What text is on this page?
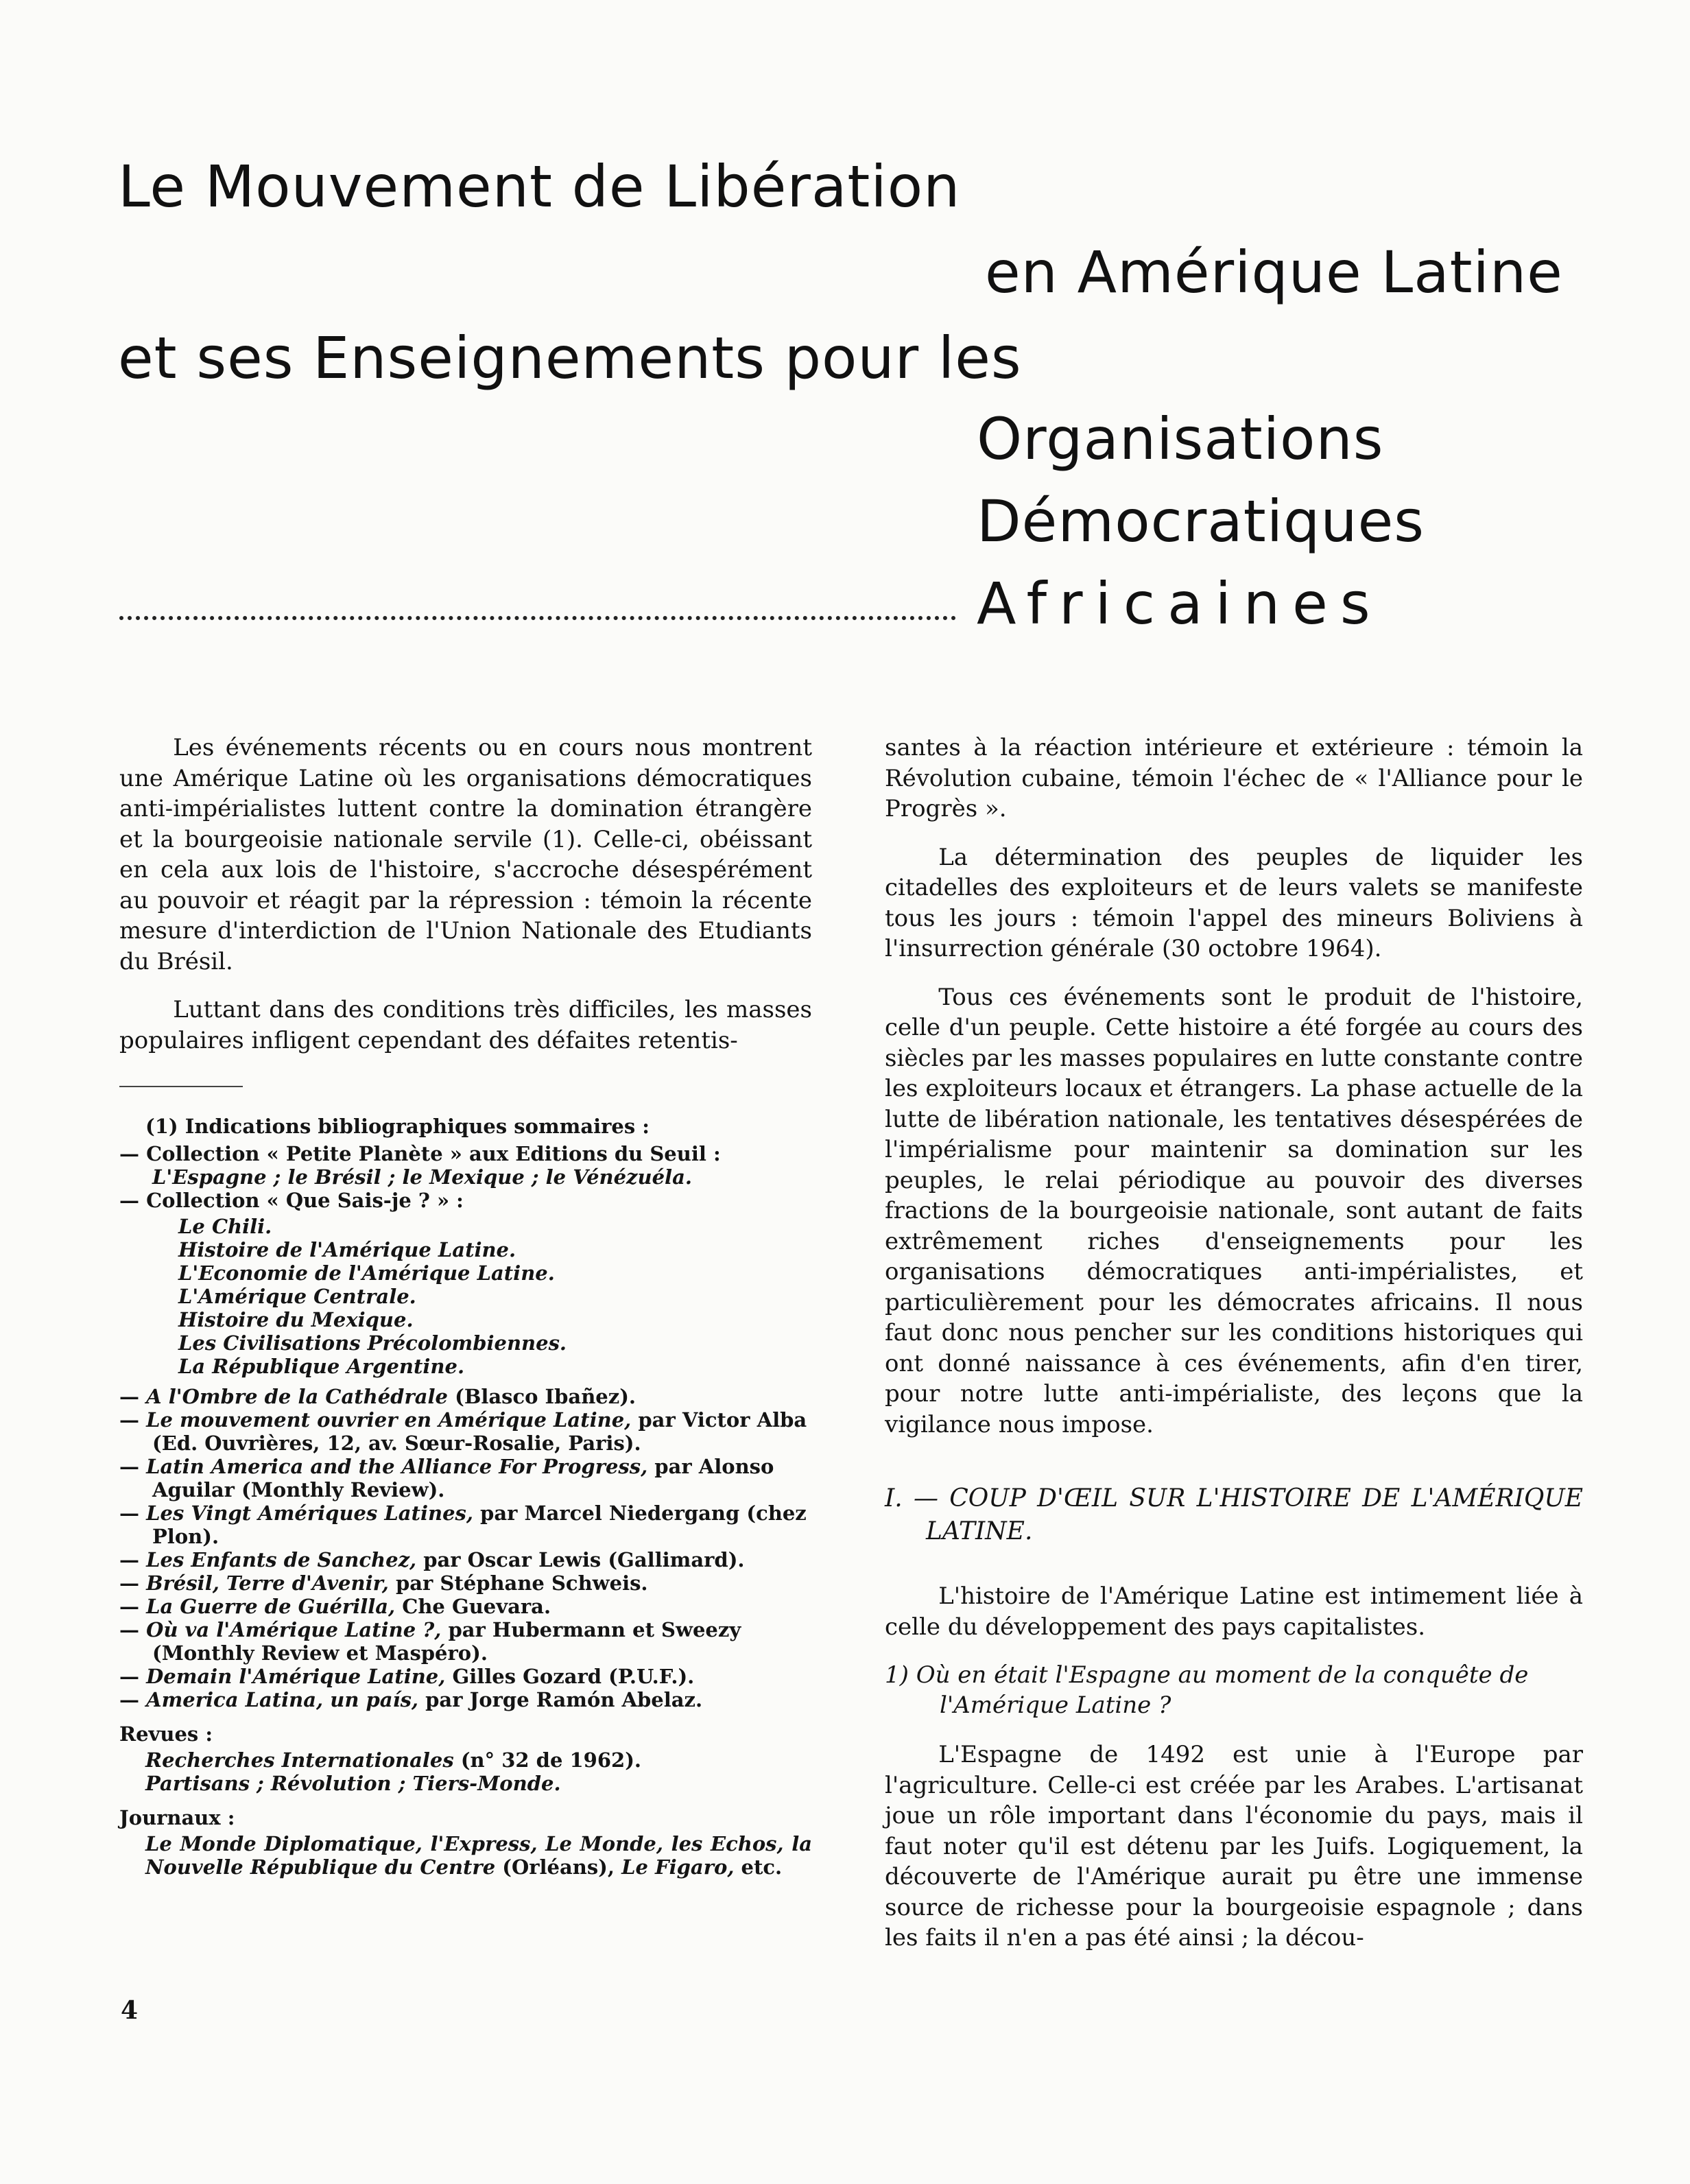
Le Mouvement de Libération
en Amérique Latine
et ses Enseignements pour les
Organisations
Démocratiques
Africaines

Les événements récents ou en cours nous montrent une Amérique Latine où les organisations démocratiques anti-impérialistes luttent contre la domination étrangère et la bourgeoisie nationale servile (1). Celle-ci, obéissant en cela aux lois de l'histoire, s'accroche désespérément au pouvoir et réagit par la répression : témoin la récente mesure d'interdiction de l'Union Nationale des Etudiants du Brésil.

Luttant dans des conditions très difficiles, les masses populaires infligent cependant des défaites retentis-

(1) Indications bibliographiques sommaires :

— Collection « Petite Planète » aux Editions du Seuil :
L'Espagne ; le Brésil ; le Mexique ; le Vénézuéla.

— Collection « Que Sais-je ? » :

Le Chili.
Histoire de l'Amérique Latine.
L'Economie de l'Amérique Latine.
L'Amérique Centrale.
Histoire du Mexique.
Les Civilisations Précolombiennes.
La République Argentine.

— A l'Ombre de la Cathédrale (Blasco Ibañez).

— Le mouvement ouvrier en Amérique Latine, par Victor Alba (Ed. Ouvrières, 12, av. Sœur-Rosalie, Paris).

— Latin America and the Alliance For Progress, par Alonso Aguilar (Monthly Review).

— Les Vingt Amériques Latines, par Marcel Niedergang (chez Plon).

— Les Enfants de Sanchez, par Oscar Lewis (Gallimard).

— Brésil, Terre d'Avenir, par Stéphane Schweis.

— La Guerre de Guérilla, Che Guevara.

— Où va l'Amérique Latine ?, par Hubermann et Sweezy (Monthly Review et Maspéro).

— Demain l'Amérique Latine, Gilles Gozard (P.U.F.).

— America Latina, un país, par Jorge Ramón Abelaz.

Revues :

Recherches Internationales (n° 32 de 1962).

Partisans ; Révolution ; Tiers-Monde.

Journaux :

Le Monde Diplomatique, l'Express, Le Monde, les Echos, la Nouvelle République du Centre (Orléans), Le Figaro, etc.

santes à la réaction intérieure et extérieure : témoin la Révolution cubaine, témoin l'échec de « l'Alliance pour le Progrès ».

La détermination des peuples de liquider les citadelles des exploiteurs et de leurs valets se manifeste tous les jours : témoin l'appel des mineurs Boliviens à l'insurrection générale (30 octobre 1964).

Tous ces événements sont le produit de l'histoire, celle d'un peuple. Cette histoire a été forgée au cours des siècles par les masses populaires en lutte constante contre les exploiteurs locaux et étrangers. La phase actuelle de la lutte de libération nationale, les tentatives désespérées de l'impérialisme pour maintenir sa domination sur les peuples, le relai périodique au pouvoir des diverses fractions de la bourgeoisie nationale, sont autant de faits extrêmement riches d'enseignements pour les organisations démocratiques anti-impérialistes, et particulièrement pour les démocrates africains. Il nous faut donc nous pencher sur les conditions historiques qui ont donné naissance à ces événements, afin d'en tirer, pour notre lutte anti-impérialiste, des leçons que la vigilance nous impose.

I. — COUP D'ŒIL SUR L'HISTOIRE DE L'AMÉRIQUE LATINE.

L'histoire de l'Amérique Latine est intimement liée à celle du développement des pays capitalistes.

1) Où en était l'Espagne au moment de la conquête de l'Amérique Latine ?

L'Espagne de 1492 est unie à l'Europe par l'agriculture. Celle-ci est créée par les Arabes. L'artisanat joue un rôle important dans l'économie du pays, mais il faut noter qu'il est détenu par les Juifs. Logiquement, la découverte de l'Amérique aurait pu être une immense source de richesse pour la bourgeoisie espagnole ; dans les faits il n'en a pas été ainsi ; la décou-

4
